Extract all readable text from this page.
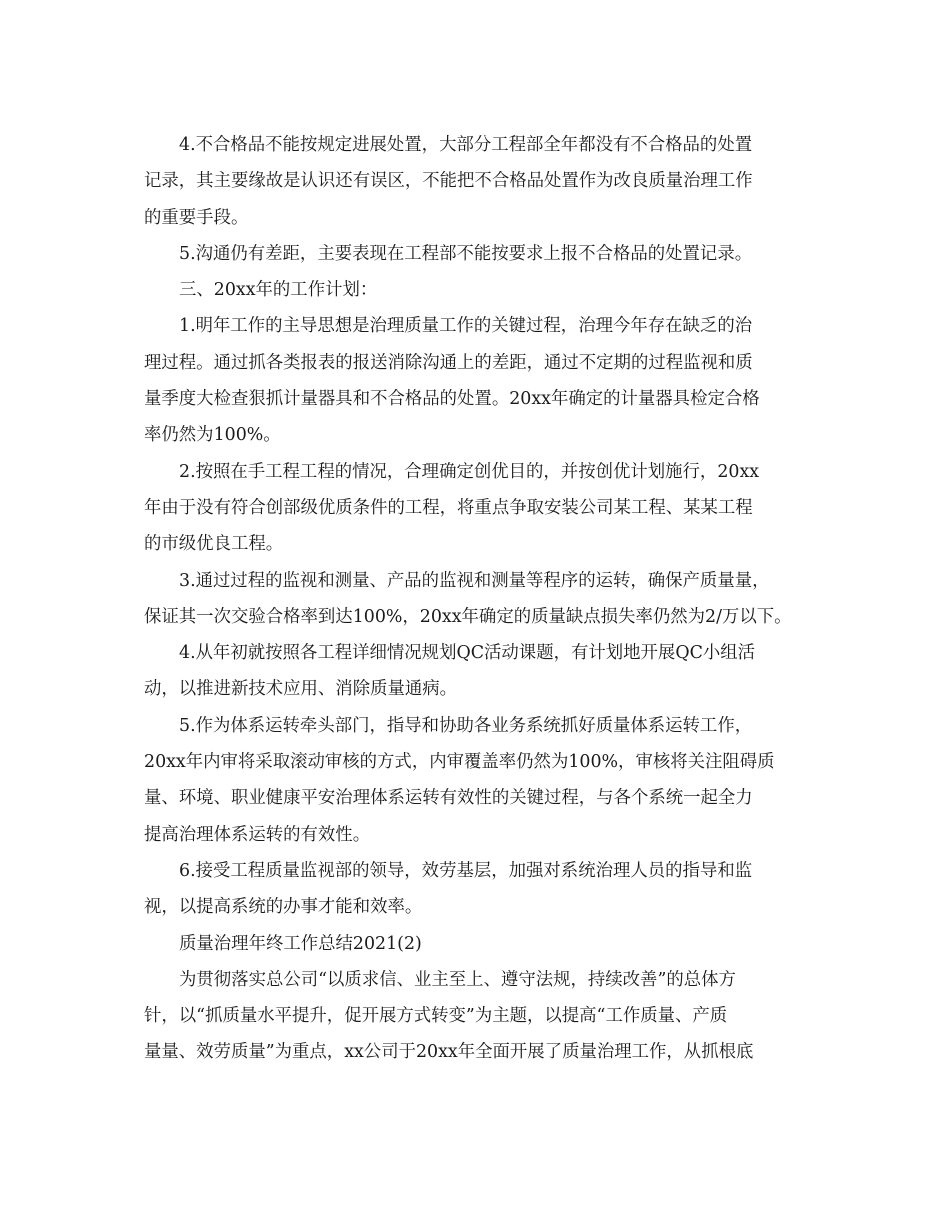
4.不合格品不能按规定进展处置，大部分工程部全年都没有不合格品的处置
记录，其主要缘故是认识还有误区，不能把不合格品处置作为改良质量治理工作
的重要手段。
5.沟通仍有差距，主要表现在工程部不能按要求上报不合格品的处置记录。
三、20xx年的工作计划：
1.明年工作的主导思想是治理质量工作的关键过程，治理今年存在缺乏的治
理过程。通过抓各类报表的报送消除沟通上的差距，通过不定期的过程监视和质
量季度大检查狠抓计量器具和不合格品的处置。20xx年确定的计量器具检定合格
率仍然为100%。
2.按照在手工程工程的情况，合理确定创优目的，并按创优计划施行，20xx
年由于没有符合创部级优质条件的工程，将重点争取安装公司某工程、某某工程
的市级优良工程。
3.通过过程的监视和测量、产品的监视和测量等程序的运转，确保产质量量，
保证其一次交验合格率到达100%，20xx年确定的质量缺点损失率仍然为2/万以下。
4.从年初就按照各工程详细情况规划QC活动课题，有计划地开展QC小组活
动，以推进新技术应用、消除质量通病。
5.作为体系运转牵头部门，指导和协助各业务系统抓好质量体系运转工作，
20xx年内审将采取滚动审核的方式，内审覆盖率仍然为100%，审核将关注阻碍质
量、环境、职业健康平安治理体系运转有效性的关键过程，与各个系统一起全力
提高治理体系运转的有效性。
6.接受工程质量监视部的领导，效劳基层，加强对系统治理人员的指导和监
视，以提高系统的办事才能和效率。
质量治理年终工作总结2021(2)
为贯彻落实总公司“以质求信、业主至上、遵守法规，持续改善”的总体方
针，以“抓质量水平提升，促开展方式转变”为主题，以提高“工作质量、产质
量量、效劳质量”为重点，xx公司于20xx年全面开展了质量治理工作，从抓根底
